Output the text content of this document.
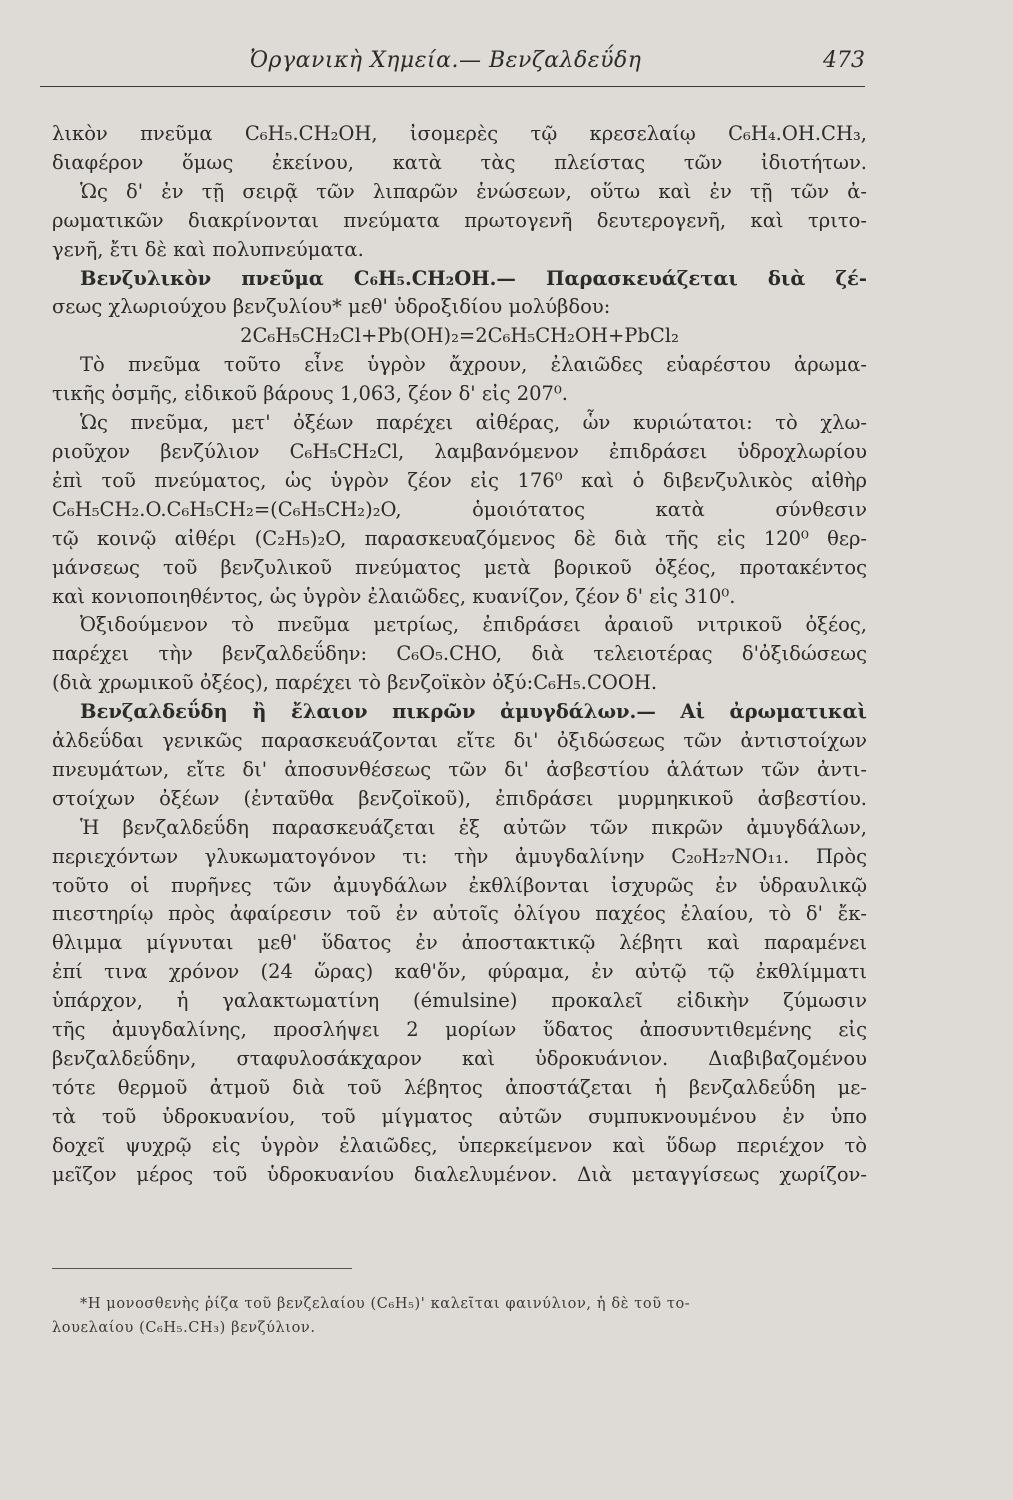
Ὀργανικὴ Χημεία.— Βενζαλδεΰδη	473
λικὸν πνεῦμα C₆H₅.CH₂OH, ἰσομερὲς τῷ κρεσελαίῳ C₆H₄.OH.CH₃,
διαφέρον ὅμως ἐκείνου, κατὰ τὰς πλείστας τῶν ἰδιοτήτων.
Ὡς δ' ἐν τῇ σειρᾷ τῶν λιπαρῶν ἑνώσεων, οὕτω καὶ ἐν τῇ τῶν ἀ-
ρωματικῶν διακρίνονται πνεύματα πρωτογενῆ δευτερογενῆ, καὶ τριτο-
γενῆ, ἔτι δὲ καὶ πολυπνεύματα.
Βενζυλικὸν πνεῦμα C₆H₅.CH₂OH.— Παρασκευάζεται διὰ ζέ-
σεως χλωριούχου βενζυλίου* μεθ' ὑδροξιδίου μολύβδου:
2C₆H₅CH₂Cl+Pb(OH)₂=2C₆H₅CH₂OH+PbCl₂
Τὸ πνεῦμα τοῦτο εἶνε ὑγρὸν ἄχρουν, ἐλαιῶδες εὐαρέστου ἀρωμα-
τικῆς ὀσμῆς, εἰδικοῦ βάρους 1,063, ζέον δ' εἰς 207⁰.
Ὡς πνεῦμα, μετ' ὀξέων παρέχει αἰθέρας, ὧν κυριώτατοι: τὸ χλω-
ριοῦχον βενζύλιον C₆H₅CH₂Cl, λαμβανόμενον ἐπιδράσει ὑδροχλωρίου
ἐπὶ τοῦ πνεύματος, ὡς ὑγρὸν ζέον εἰς 176⁰ καὶ ὁ διβενζυλικὸς αἰθὴρ
C₆H₅CH₂.O.C₆H₅CH₂=(C₆H₅CH₂)₂O, ὁμοιότατος κατὰ σύνθεσιν
τῷ κοινῷ αἰθέρι (C₂H₅)₂O, παρασκευαζόμενος δὲ διὰ τῆς εἰς 120⁰ θερ-
μάνσεως τοῦ βενζυλικοῦ πνεύματος μετὰ βορικοῦ ὀξέος, προτακέντος
καὶ κονιοποιηθέντος, ὡς ὑγρὸν ἐλαιῶδες, κυανίζον, ζέον δ' εἰς 310⁰.
Ὀξιδούμενον τὸ πνεῦμα μετρίως, ἐπιδράσει ἀραιοῦ νιτρικοῦ ὀξέος,
παρέχει τὴν βενζαλδεΰδην: C₆O₅.CHO, διὰ τελειοτέρας δ'ὀξιδώσεως
(διὰ χρωμικοῦ ὀξέος), παρέχει τὸ βενζοϊκὸν ὀξύ:C₆H₅.COOH.
Βενζαλδεΰδη ἢ ἔλαιον πικρῶν ἀμυγδάλων.— Αἱ ἀρωματικαὶ
ἀλδεΰδαι γενικῶς παρασκευάζονται εἴτε δι' ὀξιδώσεως τῶν ἀντιστοίχων
πνευμάτων, εἴτε δι' ἀποσυνθέσεως τῶν δι' ἀσβεστίου ἁλάτων τῶν ἀντι-
στοίχων ὀξέων (ἐνταῦθα βενζοϊκοῦ), ἐπιδράσει μυρμηκικοῦ ἀσβεστίου.
Ἡ βενζαλδεΰδη παρασκευάζεται ἐξ αὐτῶν τῶν πικρῶν ἀμυγδάλων,
περιεχόντων γλυκωματογόνον τι: τὴν ἀμυγδαλίνην C₂₀H₂₇NO₁₁. Πρὸς
τοῦτο οἱ πυρῆνες τῶν ἀμυγδάλων ἐκθλίβονται ἰσχυρῶς ἐν ὑδραυλικῷ
πιεστηρίῳ πρὸς ἀφαίρεσιν τοῦ ἐν αὐτοῖς ὀλίγου παχέος ἐλαίου, τὸ δ' ἔκ-
θλιμμα μίγνυται μεθ' ὕδατος ἐν ἀποστακτικῷ λέβητι καὶ παραμένει
ἐπί τινα χρόνον (24 ὥρας) καθ'ὅν, φύραμα, ἐν αὐτῷ τῷ ἐκθλίμματι
ὑπάρχον, ἡ γαλακτωματίνη (émulsine) προκαλεῖ εἰδικὴν ζύμωσιν
τῆς ἀμυγδαλίνης, προσλήψει 2 μορίων ὕδατος ἀποσυντιθεμένης εἰς
βενζαλδεΰδην, σταφυλοσάκχαρον καὶ ὑδροκυάνιον. Διαβιβαζομένου
τότε θερμοῦ ἀτμοῦ διὰ τοῦ λέβητος ἀποστάζεται ἡ βενζαλδεΰδη με-
τὰ τοῦ ὑδροκυανίου, τοῦ μίγματος αὐτῶν συμπυκνουμένου ἐν ὑπο
δοχεῖ ψυχρῷ εἰς ὑγρὸν ἐλαιῶδες, ὑπερκείμενον καὶ ὕδωρ περιέχον τὸ
μεῖζον μέρος τοῦ ὑδροκυανίου διαλελυμένον. Διὰ μεταγγίσεως χωρίζον-
*Η μονοσθενὴς ῥίζα τοῦ βενζελαίου (C₆H₅)' καλεῖται φαινύλιον, ἡ δὲ τοῦ το-
λουελαίου (C₆H₅.CH₃) βενζύλιον.
